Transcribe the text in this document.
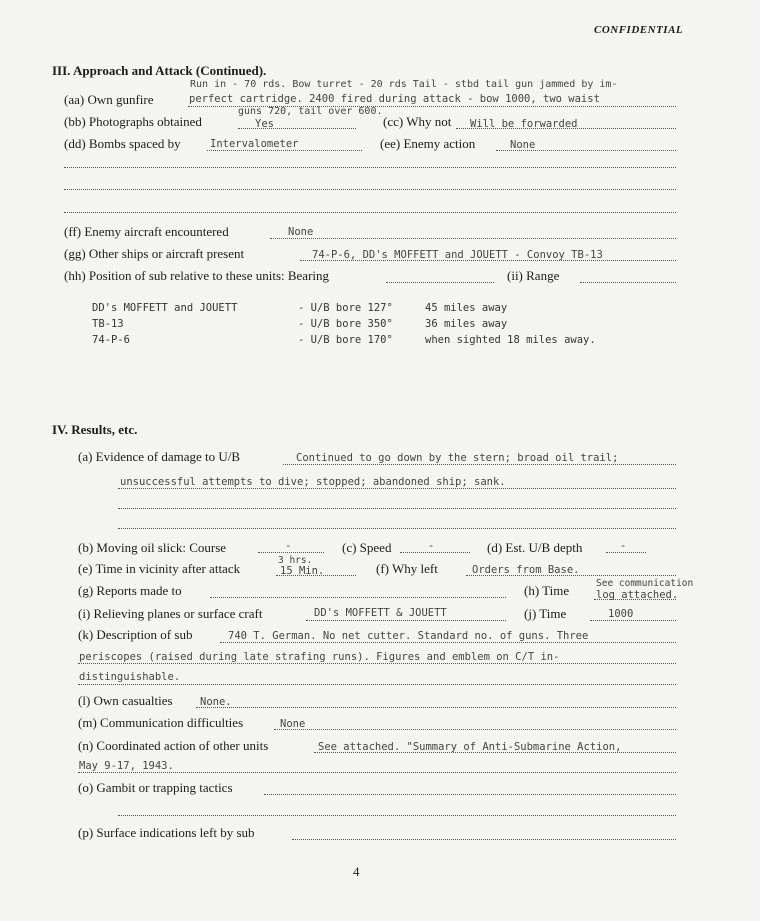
CONFIDENTIAL
III. Approach and Attack (Continued).
Run in - 70 rds. Bow turret - 20 rds Tail - stbd tail gun jammed by im-
(aa) Own gunfire	perfect cartridge. 2400 fired during attack - bow 1000, two waist
guns 720, tail over 600.
(bb) Photographs obtained	Yes	(cc) Why not Will be forwarded
(dd) Bombs spaced by	Intervalometer	(ee) Enemy action	None
(ff) Enemy aircraft encountered	None
(gg) Other ships or aircraft present	74-P-6, DD's MOFFETT and JOUETT - Convoy TB-13
(hh) Position of sub relative to these units: Bearing	(ii) Range
DD's MOFFETT and JOUETT	- U/B bore 127°	45 miles away
TB-13	- U/B bore 350°	36 miles away
74-P-6	- U/B bore 170°	when sighted 18 miles away.
IV. Results, etc.
(a) Evidence of damage to U/B	Continued to go down by the stern; broad oil trail;
unsuccessful attempts to dive; stopped; abandoned ship; sank.
(b) Moving oil slick: Course	-	(c) Speed	-	(d) Est. U/B depth	-
3 hrs.
(e) Time in vicinity after attack	15 Min.	(f) Why left	Orders from Base.
See communication
(g) Reports made to	(h) Time	log attached.
(i) Relieving planes or surface craft	DD's MOFFETT & JOUETT	(j) Time	1000
(k) Description of sub	740 T. German. No net cutter. Standard no. of guns. Three
periscopes (raised during late strafing runs). Figures and emblem on C/T in-
distinguishable.
(l) Own casualties	None.
(m) Communication difficulties	None
(n) Coordinated action of other units	See attached. "Summary of Anti-Submarine Action,
May 9-17, 1943.
(o) Gambit or trapping tactics
(p) Surface indications left by sub
4
